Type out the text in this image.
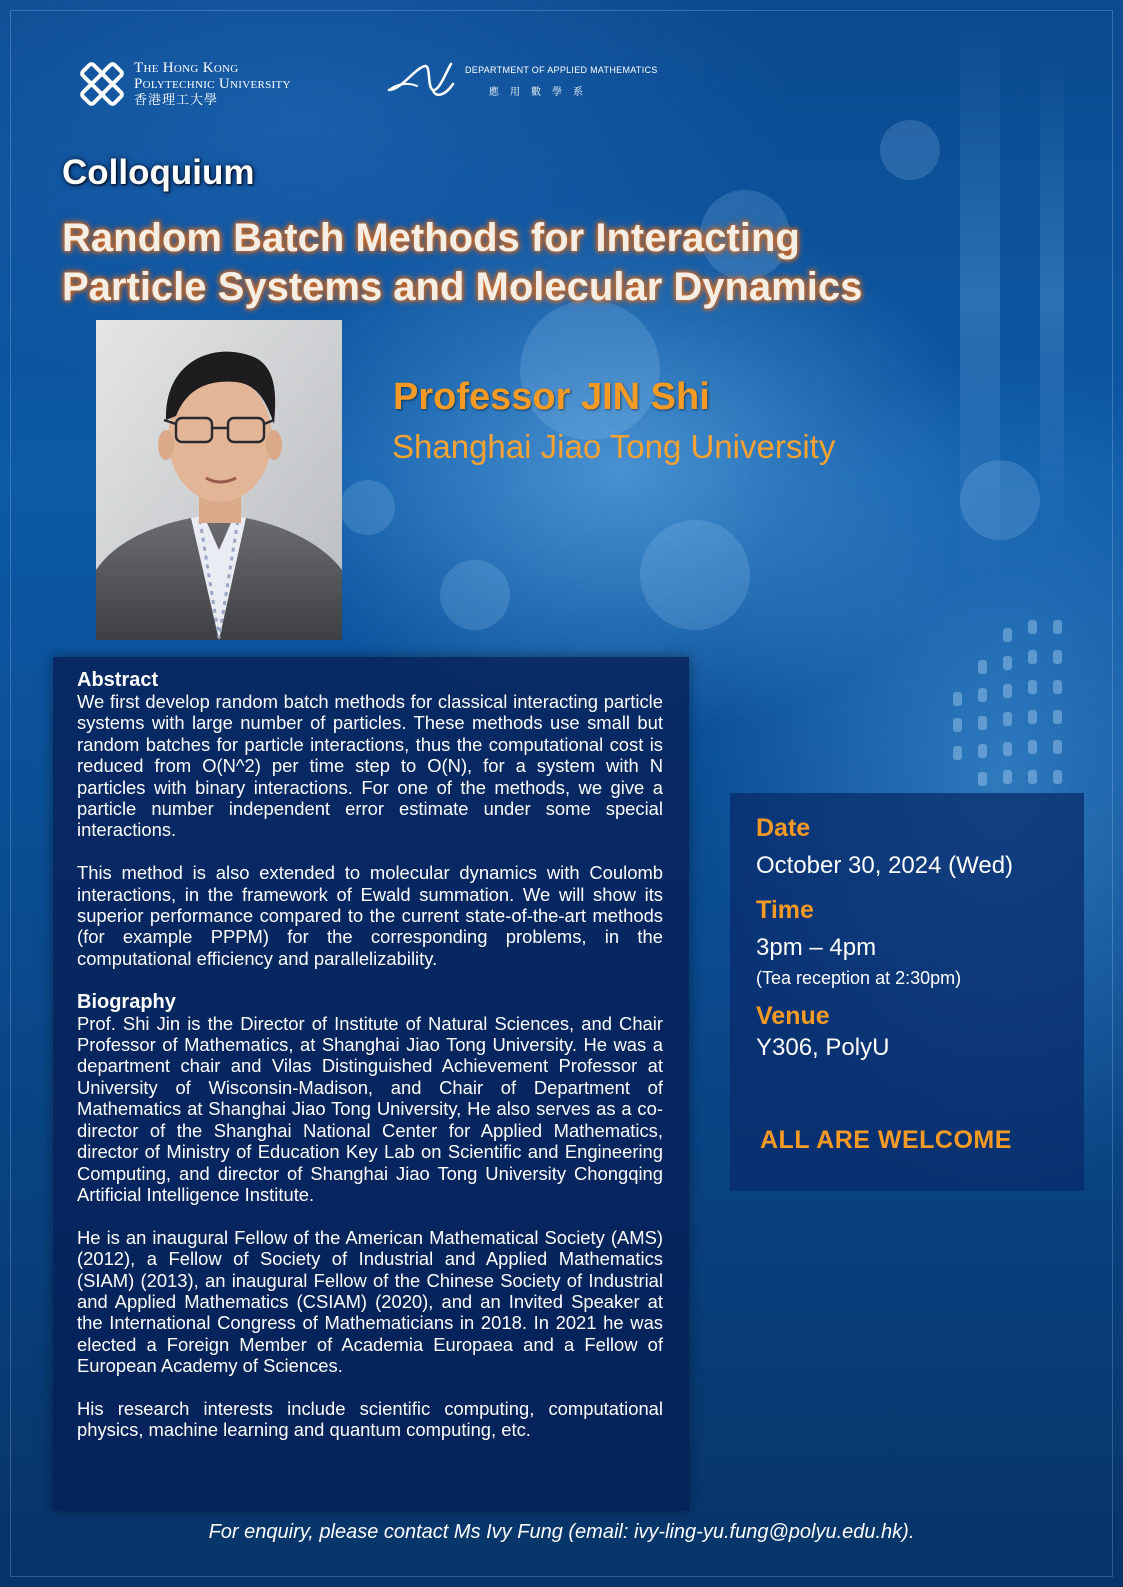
The Hong Kong
Polytechnic University
香港理工大學
DEPARTMENT OF APPLIED MATHEMATICS
應用數學系
Colloquium
Random Batch Methods for Interacting
Particle Systems and Molecular Dynamics
Professor JIN Shi
Shanghai Jiao Tong University
Abstract

We first develop random batch methods for classical interacting particle systems with large number of particles. These methods use small but random batches for particle interactions, thus the computational cost is reduced from O(N^2) per time step to O(N), for a system with N particles with binary interactions. For one of the methods, we give a particle number independent error estimate under some special interactions.

This method is also extended to molecular dynamics with Coulomb interactions, in the framework of Ewald summation. We will show its superior performance compared to the current state-of-the-art methods (for example PPPM) for the corresponding problems, in the computational efficiency and parallelizability.

Biography

Prof. Shi Jin is the Director of Institute of Natural Sciences, and Chair Professor of Mathematics, at Shanghai Jiao Tong University. He was a department chair and Vilas Distinguished Achievement Professor at University of Wisconsin-Madison, and Chair of Department of Mathematics at Shanghai Jiao Tong University, He also serves as a co-director of the Shanghai National Center for Applied Mathematics, director of Ministry of Education Key Lab on Scientific and Engineering Computing, and director of Shanghai Jiao Tong University Chongqing Artificial Intelligence Institute.

He is an inaugural Fellow of the American Mathematical Society (AMS) (2012), a Fellow of Society of Industrial and Applied Mathematics (SIAM) (2013), an inaugural Fellow of the Chinese Society of Industrial and Applied Mathematics (CSIAM) (2020), and an Invited Speaker at the International Congress of Mathematicians in 2018. In 2021 he was elected a Foreign Member of Academia Europaea and a Fellow of European Academy of Sciences.

His research interests include scientific computing, computational physics, machine learning and quantum computing, etc.

Date
October 30, 2024 (Wed)
Time
3pm – 4pm
(Tea reception at 2:30pm)
Venue
Y306, PolyU
ALL ARE WELCOME
For enquiry, please contact Ms Ivy Fung (email: ivy-ling-yu.fung@polyu.edu.hk).
